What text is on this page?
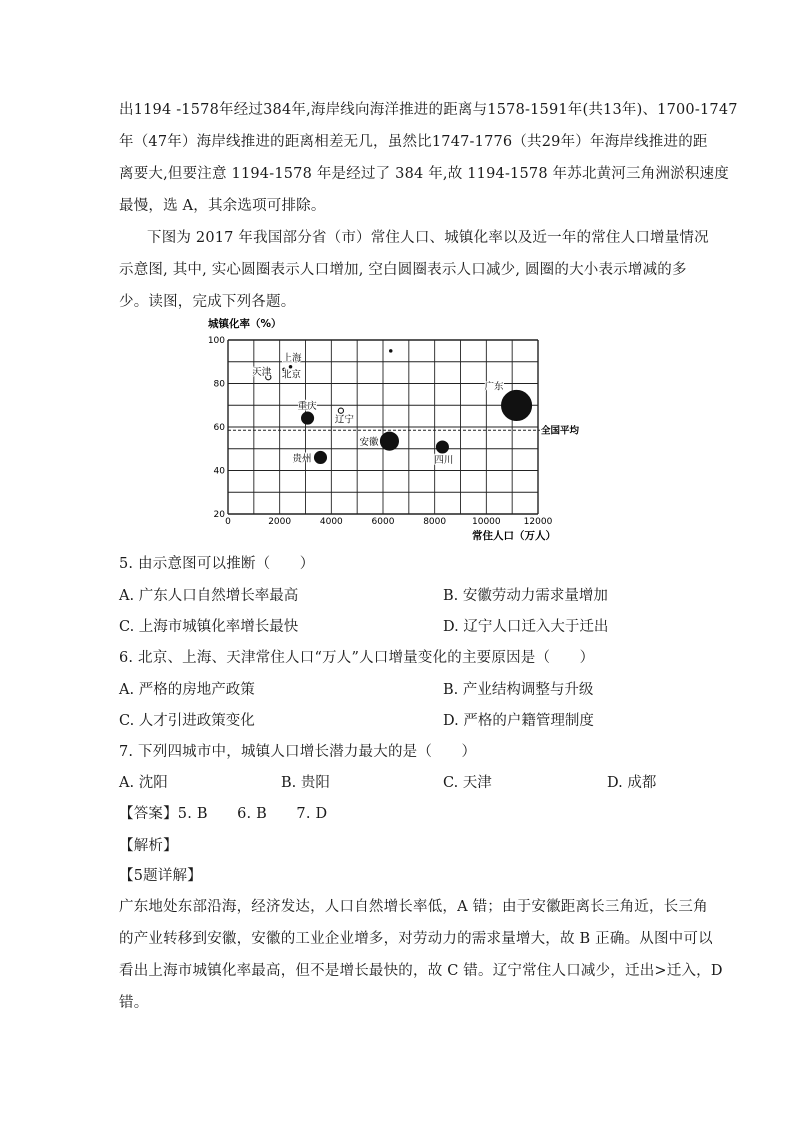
出1194 -1578年经过384年,海岸线向海洋推进的距离与1578-1591年(共13年)、1700-1747
年（47年）海岸线推进的距离相差无几，虽然比1747-1776（共29年）年海岸线推进的距
离要大,但要注意 1194-1578 年是经过了 384 年,故 1194-1578 年苏北黄河三角洲淤积速度
最慢，选 A，其余选项可排除。
下图为 2017 年我国部分省（市）常住人口、城镇化率以及近一年的常住人口增量情况
示意图, 其中, 实心圆圈表示人口增加, 空白圆圈表示人口减少, 圆圈的大小表示增减的多
少。读图，完成下列各题。
城镇化率（%）
常住人口（万人）
全国平均
20
40
60
80
100
0	2000	4000	6000	8000	10000	12000
上海
北京
天津
重庆
辽宁
安徽
四川
贵州
广东
5. 由示意图可以推断（　　）
A. 广东人口自然增长率最高	B. 安徽劳动力需求量增加
C. 上海市城镇化率增长最快	D. 辽宁人口迁入大于迁出
6. 北京、上海、天津常住人口“万人”人口增量变化的主要原因是（　　）
A. 严格的房地产政策	B. 产业结构调整与升级
C. 人才引进政策变化	D. 严格的户籍管理制度
7. 下列四城市中，城镇人口增长潜力最大的是（　　）
A. 沈阳	B. 贵阳	C. 天津	D. 成都
【答案】5. B　　6. B　　7. D
【解析】
【5题详解】
广东地处东部沿海，经济发达，人口自然增长率低，A 错；由于安徽距离长三角近，长三角
的产业转移到安徽，安徽的工业企业增多，对劳动力的需求量增大，故 B 正确。从图中可以
看出上海市城镇化率最高，但不是增长最快的，故 C 错。辽宁常住人口减少，迁出>迁入，D
错。
